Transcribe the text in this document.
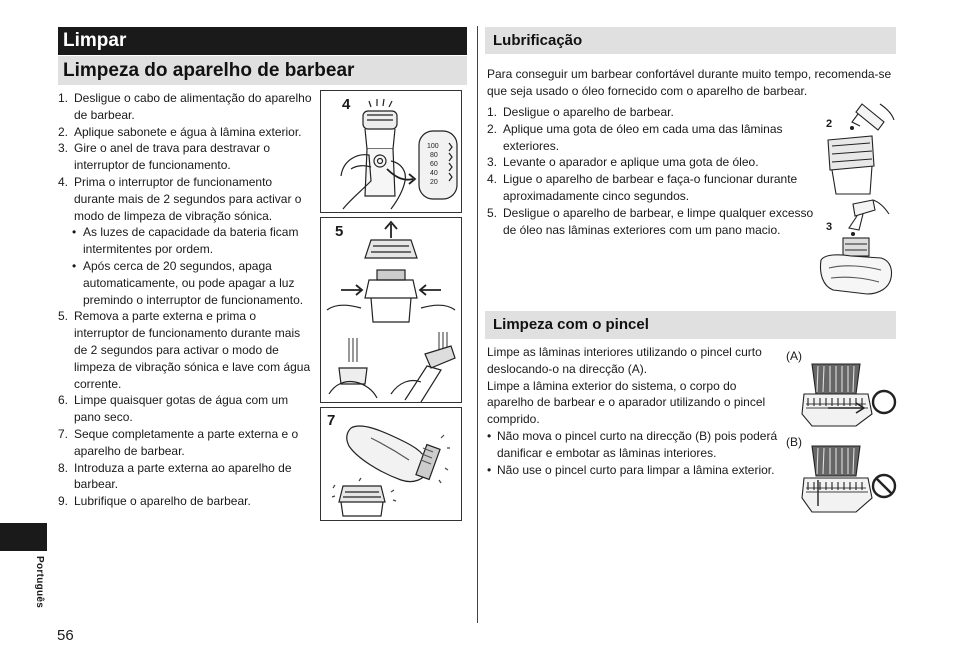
Limpar
Limpeza do aparelho de barbear
1. Desligue o cabo de alimentação do aparelho de barbear.
2. Aplique sabonete e água à lâmina exterior.
3. Gire o anel de trava para destravar o interruptor de funcionamento.
4. Prima o interruptor de funcionamento durante mais de 2 segundos para activar o modo de limpeza de vibração sónica.
• As luzes de capacidade da bateria ficam intermitentes por ordem.
• Após cerca de 20 segundos, apaga automaticamente, ou pode apagar a luz premindo o interruptor de funcionamento.
5. Remova a parte externa e prima o interruptor de funcionamento durante mais de 2 segundos para activar o modo de limpeza de vibração sónica e lave com água corrente.
6. Limpe quaisquer gotas de água com um pano seco.
7. Seque completamente a parte externa e o aparelho de barbear.
8. Introduza a parte externa ao aparelho de barbear.
9. Lubrifique o aparelho de barbear.
4
100
80
60
40
20
5
7
Lubrificação
Para conseguir um barbear confortável durante muito tempo, recomenda-se que seja usado o óleo fornecido com o aparelho de barbear.
1. Desligue o aparelho de barbear.
2. Aplique uma gota de óleo em cada uma das lâminas exteriores.
3. Levante o aparador e aplique uma gota de óleo.
4. Ligue o aparelho de barbear e faça-o funcionar durante aproximadamente cinco segundos.
5. Desligue o aparelho de barbear, e limpe qualquer excesso de óleo nas lâminas exteriores com um pano macio.
2
3
Limpeza com o pincel
Limpe as lâminas interiores utilizando o pincel curto deslocando-o na direcção (A).
Limpe a lâmina exterior do sistema, o corpo do aparelho de barbear e o aparador utilizando o pincel comprido.
• Não mova o pincel curto na direcção (B) pois poderá danificar e embotar as lâminas interiores.
• Não use o pincel curto para limpar a lâmina exterior.
(A)
(B)
Português
56
